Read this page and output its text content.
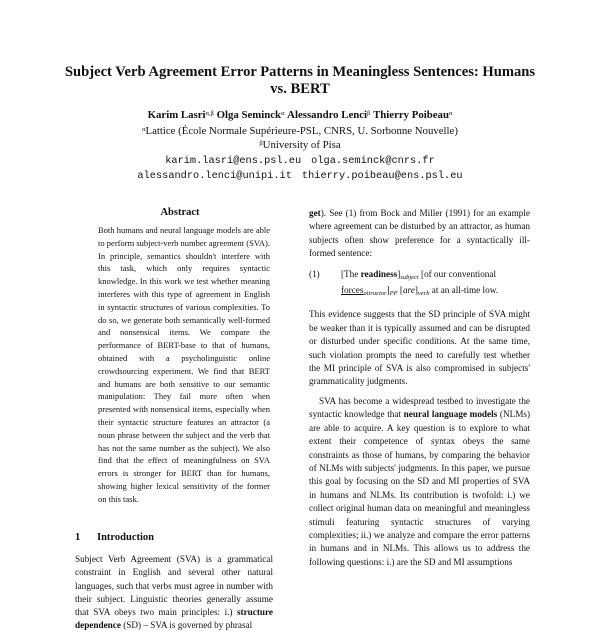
Subject Verb Agreement Error Patterns in Meaningless Sentences: Humans vs. BERT
Karim Lasri$^{\alpha,\beta}$ Olga Seminck$^\alpha$ Alessandro Lenci$^\beta$ Thierry Poibeau$^\alpha$
$^\alpha$Lattice (École Normale Supérieure-PSL, CNRS, U. Sorbonne Nouvelle)
$^\beta$University of Pisa
karim.lasri@ens.psl.eu olga.seminck@cnrs.fr
alessandro.lenci@unipi.it thierry.poibeau@ens.psl.eu
Abstract
Both humans and neural language models are able to perform subject-verb number agreement (SVA). In principle, semantics shouldn't interfere with this task, which only requires syntactic knowledge. In this work we test whether meaning interferes with this type of agreement in English in syntactic structures of various complexities. To do so, we generate both semantically well-formed and nonsensical items. We compare the performance of BERT-base to that of humans, obtained with a psycholinguistic online crowdsourcing experiment. We find that BERT and humans are both sensitive to our semantic manipulation: They fail more often when presented with nonsensical items, especially when their syntactic structure features an attractor (a noun phrase between the subject and the verb that has not the same number as the subject). We also find that the effect of meaningfulness on SVA errors is stronger for BERT than for humans, showing higher lexical sensitivity of the former on this task.
1 Introduction
Subject Verb Agreement (SVA) is a grammatical constraint in English and several other natural languages, such that verbs must agree in number with their subject. Linguistic theories generally assume that SVA obeys two main principles: i.) structure dependence (SD) – SVA is governed by phrasal

get). See (1) from Bock and Miller (1991) for an example where agreement can be disturbed by an attractor, as human subjects often show preference for a syntactically ill-formed sentence:

(1) [The $readiness]_{subject}$ [of our conventional $forces_{attractor}]_{PP}$ $[are]_{verb}$ at an all-time low.

This evidence suggests that the SD principle of SVA might be weaker than it is typically assumed and can be disrupted or disturbed under specific conditions. At the same time, such violation prompts the need to carefully test whether the MI principle of SVA is also compromised in subjects' grammaticality judgments.

SVA has become a widespread testbed to investigate the syntactic knowledge that neural language models (NLMs) are able to acquire. A key question is to explore to what extent their competence of syntax obeys the same constraints as those of humans, by comparing the behavior of NLMs with subjects' judgments. In this paper, we pursue this goal by focusing on the SD and MI properties of SVA in humans and NLMs. Its contribution is twofold: i.) we collect original human data on meaningful and meaningless stimuli featuring syntactic structures of varying complexities; ii.) we analyze and compare the error patterns in humans and in NLMs. This allows us to address the following questions: i.) are the SD and MI assumptions
